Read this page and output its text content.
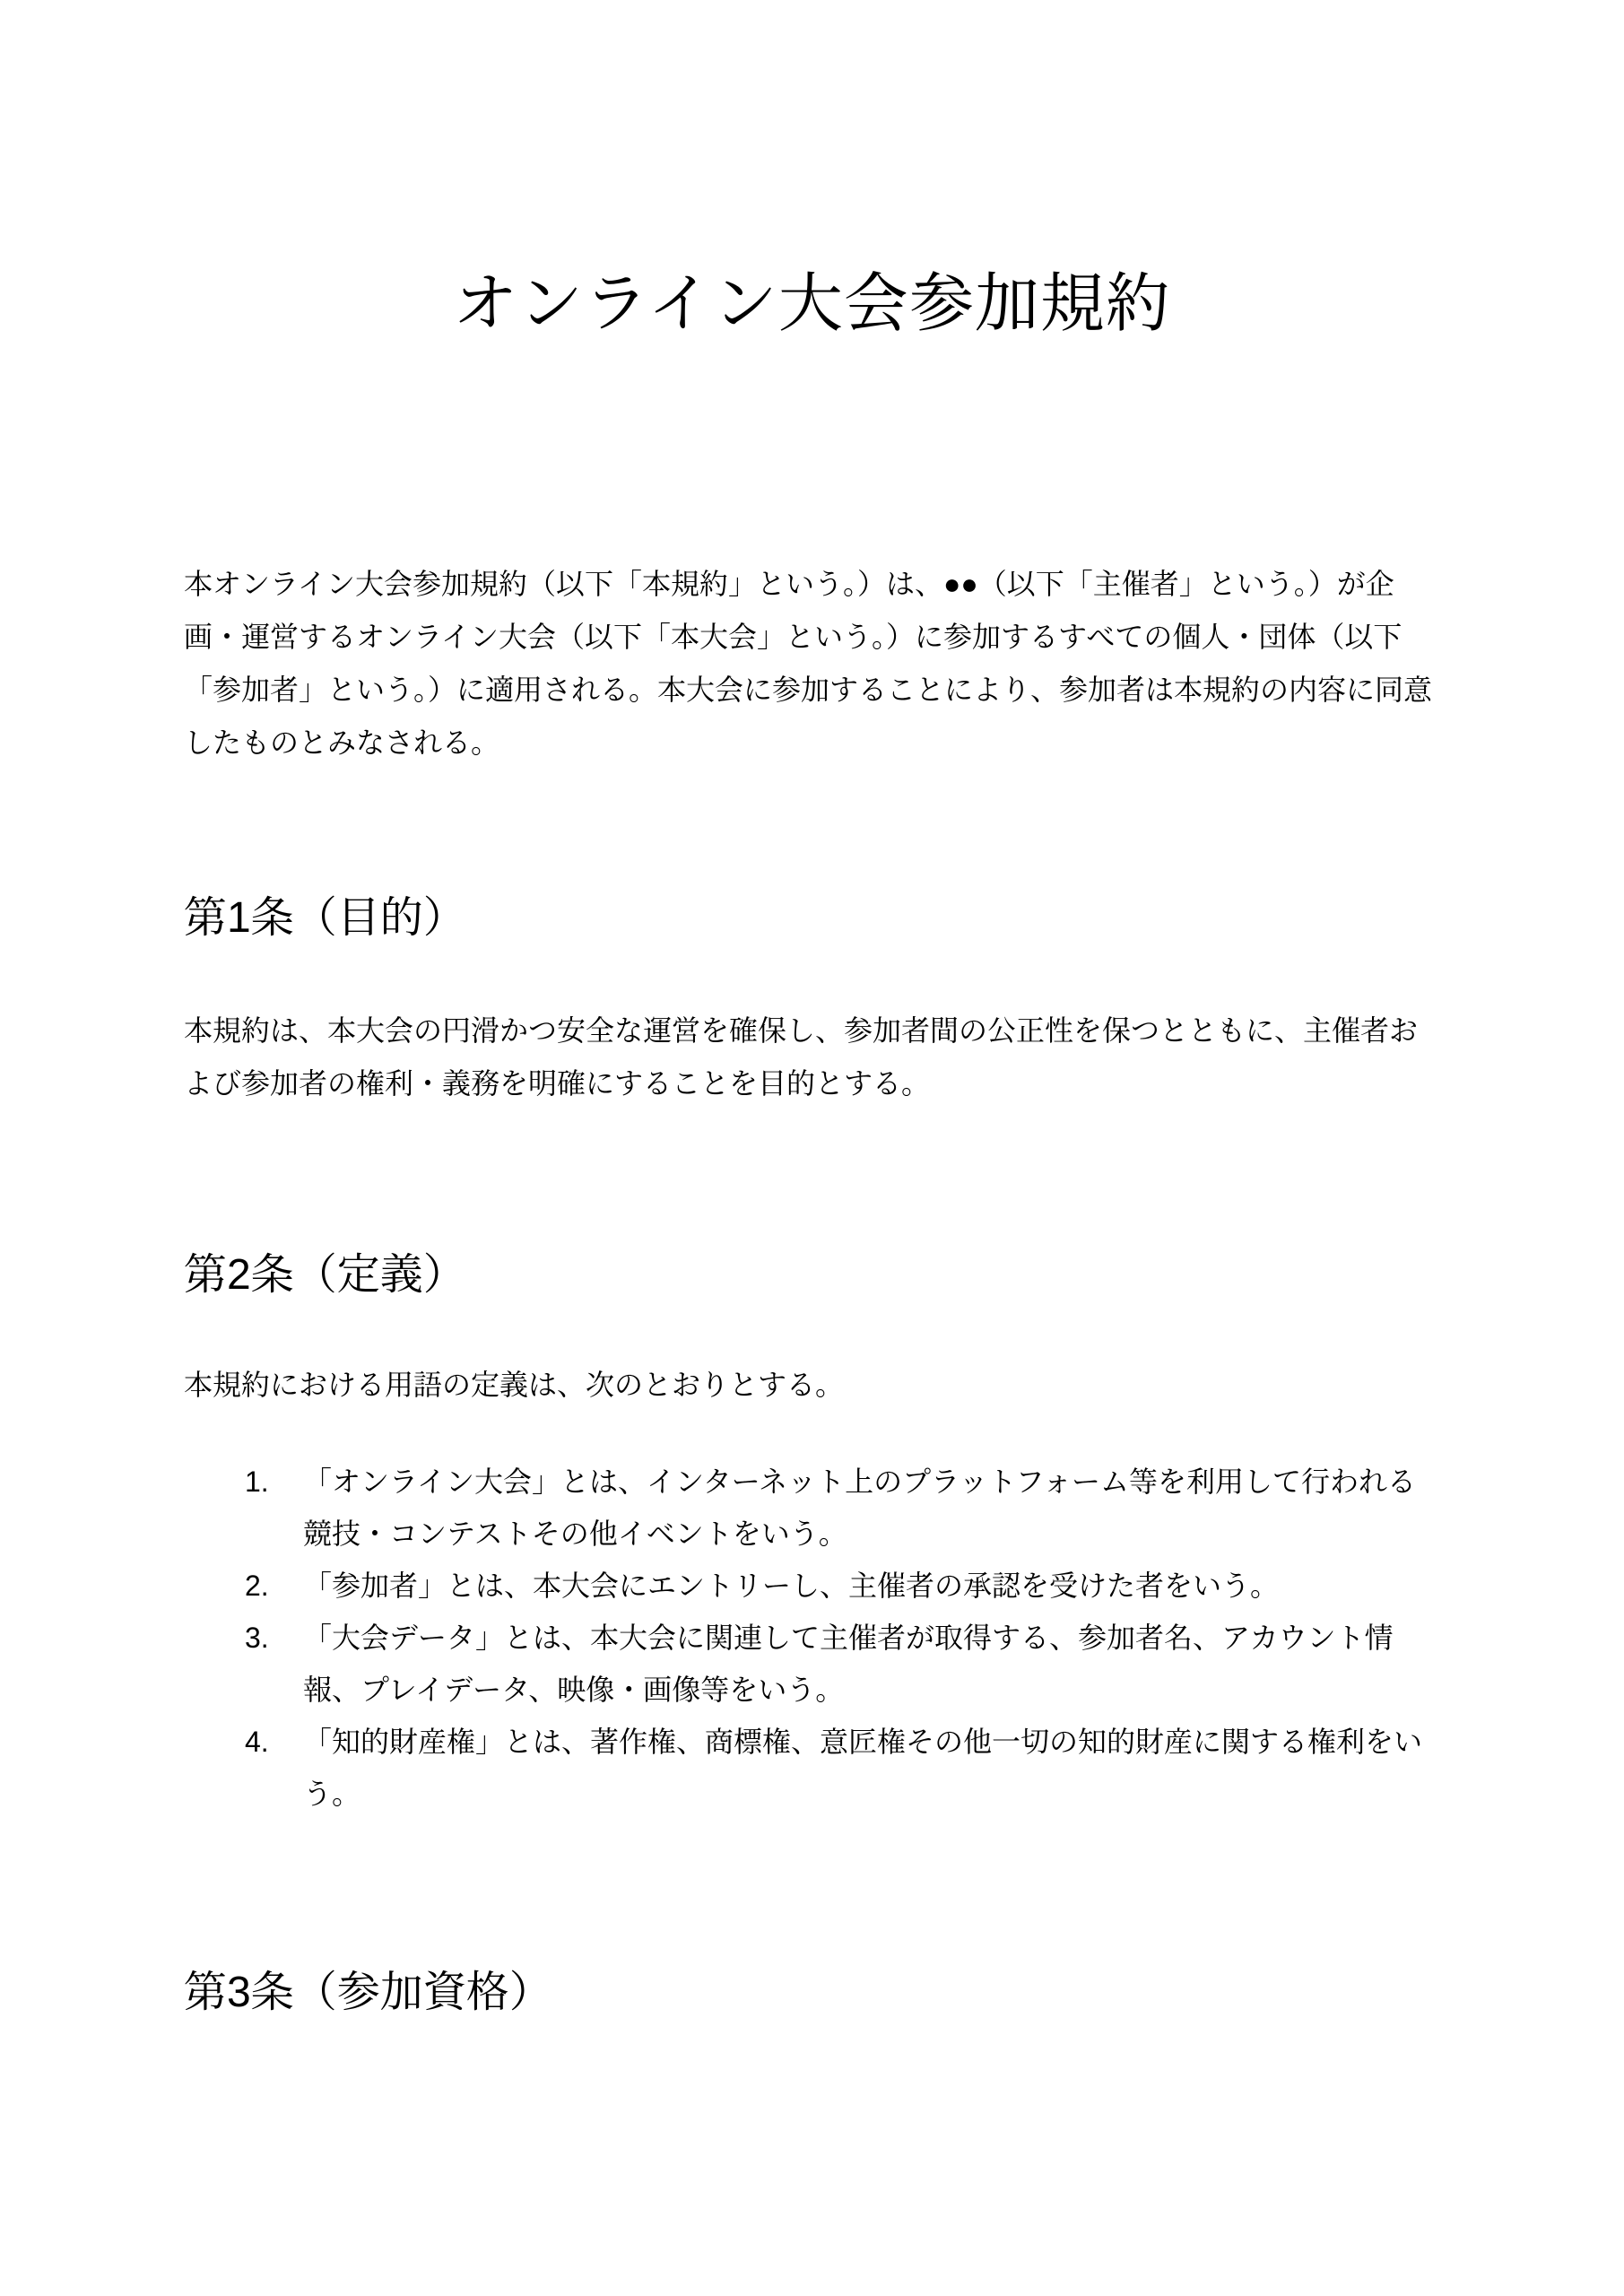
オンライン大会参加規約

本オンライン大会参加規約（以下「本規約」という。）は、●●（以下「主催者」という。）が企画・運営するオンライン大会（以下「本大会」という。）に参加するすべての個人・団体（以下「参加者」という。）に適用される。本大会に参加することにより、参加者は本規約の内容に同意したものとみなされる。

第1条（目的）

本規約は、本大会の円滑かつ安全な運営を確保し、参加者間の公正性を保つとともに、主催者および参加者の権利・義務を明確にすることを目的とする。

第2条（定義）

本規約における用語の定義は、次のとおりとする。

1. 「オンライン大会」とは、インターネット上のプラットフォーム等を利用して行われる競技・コンテストその他イベントをいう。
2. 「参加者」とは、本大会にエントリーし、主催者の承認を受けた者をいう。
3. 「大会データ」とは、本大会に関連して主催者が取得する、参加者名、アカウント情報、プレイデータ、映像・画像等をいう。
4. 「知的財産権」とは、著作権、商標権、意匠権その他一切の知的財産に関する権利をいう。
第3条（参加資格）
